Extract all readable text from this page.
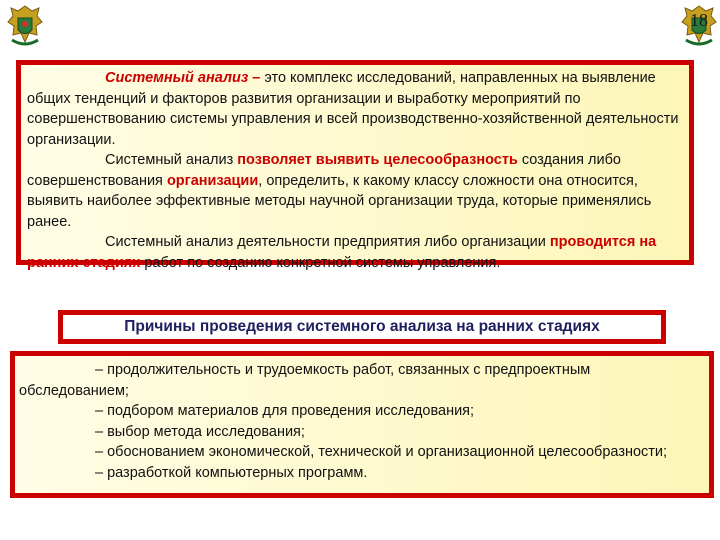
18

Системный анализ – это комплекс исследований, направленных на выявление общих тенденций и факторов развития организации и выработку мероприятий по совершенствованию системы управления и всей производственно-хозяйственной деятельности организации.

Системный анализ позволяет выявить целесообразность создания либо совершенствования организации, определить, к какому классу сложности она относится, выявить наиболее эффективные методы научной организации труда, которые применялись ранее.

Системный анализ деятельности предприятия либо организации проводится на ранних стадиях работ по созданию конкретной системы управления.

Причины проведения системного анализа на ранних стадиях

– продолжительность и трудоемкость работ, связанных с предпроектным обследованием;

– подбором материалов для проведения исследования;

– выбор метода исследования;

– обоснованием экономической, технической и организационной целесообразности;

– разработкой компьютерных программ.
